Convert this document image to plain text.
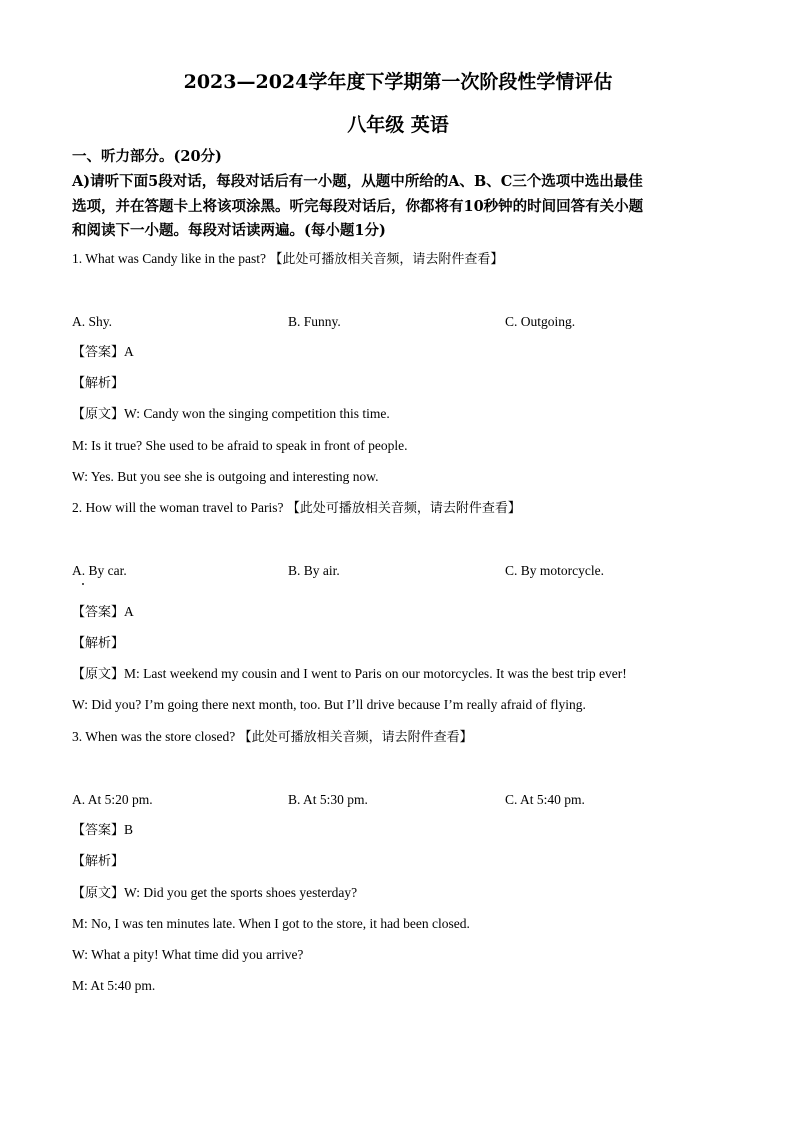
2023—2024学年度下学期第一次阶段性学情评估
八年级 英语
一、听力部分。(20分)
A)请听下面5段对话，每段对话后有一小题，从题中所给的A、B、C三个选项中选出最佳
选项，并在答题卡上将该项涂黑。听完每段对话后，你都将有10秒钟的时间回答有关小题
和阅读下一小题。每段对话读两遍。(每小题1分)
1. What was Candy like in the past? 【此处可播放相关音频，请去附件查看】
A. Shy.	B. Funny.	C. Outgoing.
【答案】A
【解析】
【原文】W: Candy won the singing competition this time.
M: Is it true? She used to be afraid to speak in front of people.
W: Yes. But you see she is outgoing and interesting now.
2. How will the woman travel to Paris? 【此处可播放相关音频，请去附件查看】
A. By car.	B. By air.	C. By motorcycle.
【答案】A
【解析】
【原文】M: Last weekend my cousin and I went to Paris on our motorcycles. It was the best trip ever!
W: Did you? I’m going there next month, too. But I’ll drive because I’m really afraid of flying.
3. When was the store closed? 【此处可播放相关音频，请去附件查看】
A. At 5:20 pm.	B. At 5:30 pm.	C. At 5:40 pm.
【答案】B
【解析】
【原文】W: Did you get the sports shoes yesterday?
M: No, I was ten minutes late. When I got to the store, it had been closed.
W: What a pity! What time did you arrive?
M: At 5:40 pm.
